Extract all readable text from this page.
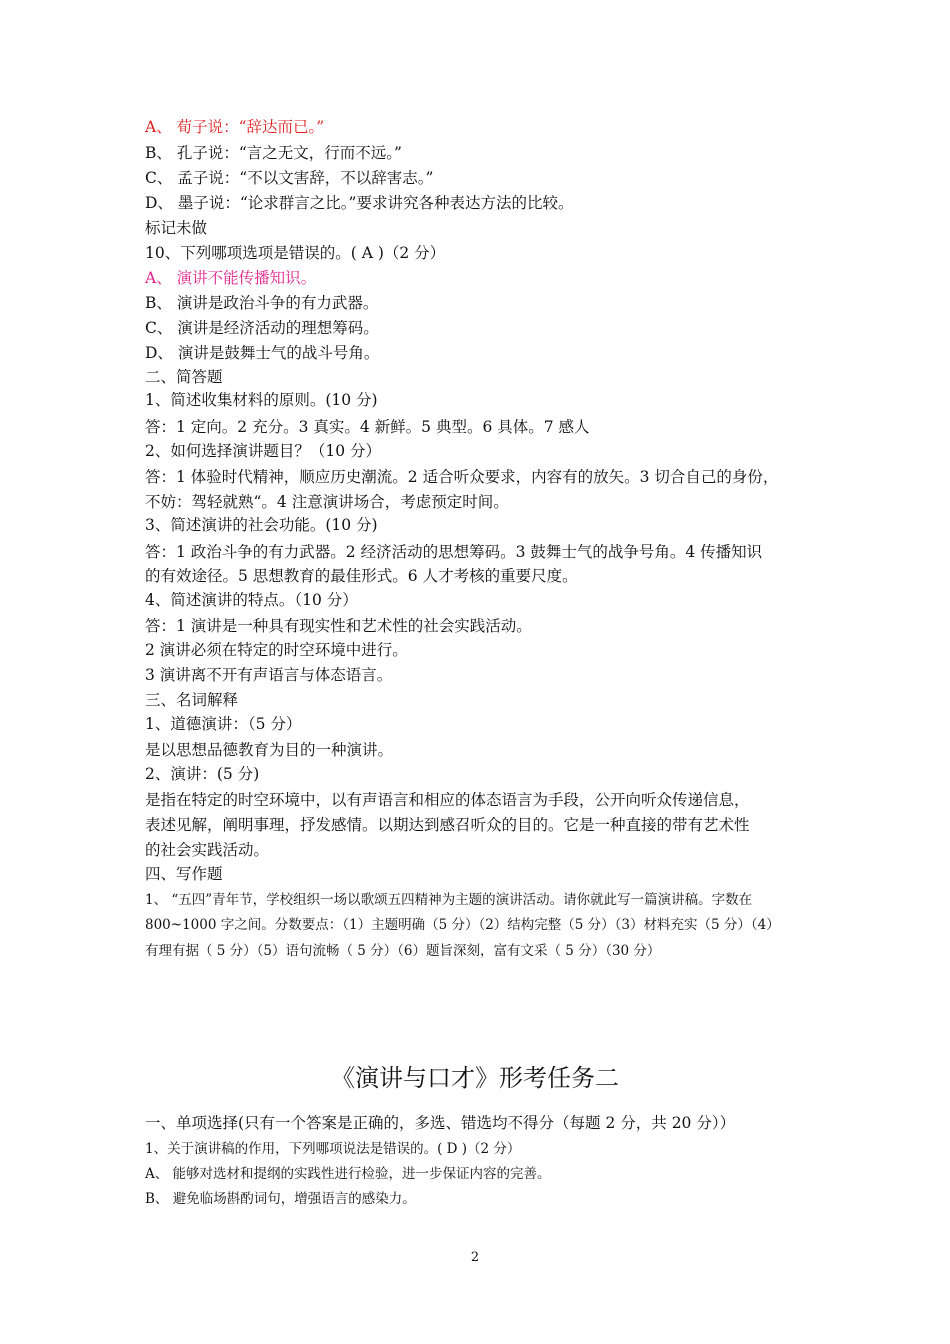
A、 荀子说：“辞达而已。”
B、 孔子说：“言之无文，行而不远。”
C、 孟子说：“不以文害辞，不以辞害志。”
D、 墨子说：“论求群言之比。”要求讲究各种表达方法的比较。
标记未做
10、下列哪项选项是错误的。( A )（2 分）
A、 演讲不能传播知识。
B、 演讲是政治斗争的有力武器。
C、 演讲是经济活动的理想筹码。
D、 演讲是鼓舞士气的战斗号角。
二、简答题
1、简述收集材料的原则。(10 分)
答：1 定向。2 充分。3 真实。4 新鲜。5 典型。6 具体。7 感人
2、如何选择演讲题目？（10 分）
答：1 体验时代精神，顺应历史潮流。2 适合听众要求，内容有的放矢。3 切合自己的身份，
不妨：驾轻就熟“。4 注意演讲场合，考虑预定时间。
3、简述演讲的社会功能。(10 分)
答：1 政治斗争的有力武器。2 经济活动的思想筹码。3 鼓舞士气的战争号角。4 传播知识
的有效途径。5 思想教育的最佳形式。6 人才考核的重要尺度。
4、简述演讲的特点。（10 分）
答：1 演讲是一种具有现实性和艺术性的社会实践活动。
2 演讲必须在特定的时空环境中进行。
3 演讲离不开有声语言与体态语言。
三、名词解释
1、道德演讲：（5 分）
是以思想品德教育为目的一种演讲。
2、演讲：(5 分)
是指在特定的时空环境中，以有声语言和相应的体态语言为手段，公开向听众传递信息，
表述见解，阐明事理，抒发感情。以期达到感召听众的目的。它是一种直接的带有艺术性
的社会实践活动。
四、写作题
1、 “五四”青年节，学校组织一场以歌颂五四精神为主题的演讲活动。请你就此写一篇演讲稿。字数在
800~1000 字之间。分数要点：（1）主题明确（5 分）（2）结构完整（5 分）（3）材料充实（5 分）（4）
有理有据（ 5 分）（5）语句流畅（ 5 分）（6）题旨深刻，富有文采（ 5 分）（30 分）
《演讲与口才》形考任务二
一、单项选择(只有一个答案是正确的，多选、错选均不得分（每题 2 分，共 20 分））
1、关于演讲稿的作用，下列哪项说法是错误的。( D )（2 分）
A、 能够对选材和提纲的实践性进行检验，进一步保证内容的完善。
B、 避免临场斟酌词句，增强语言的感染力。
2
